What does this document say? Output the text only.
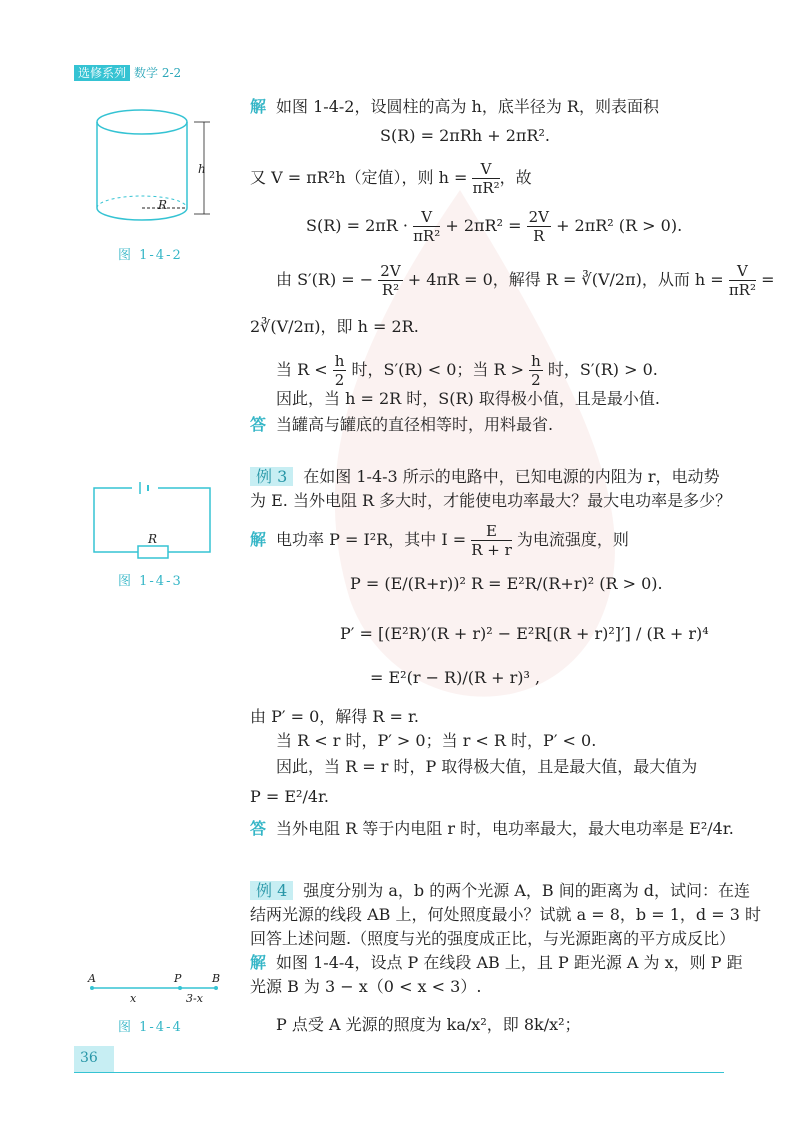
选修系列 数学 2-2
h
R
图 1-4-2
解 如图 1-4-2，设圆柱的高为 h，底半径为 R，则表面积
S(R) = 2πRh + 2πR².
又 V = πR²h（定值），则 $h = \frac{V}{\text{πR²}}$ ，故
$S(R) = 2\pi R \cdot \frac{V}{\text{πR²}} + 2\pi R^2 = \frac{2V}{R} + 2\pi R^2$ (R > 0).
由 S′(R) = − $\frac{2V}{\text{R²}} + 4\pi R = 0$，解得 R = ∛(V/2π)，从而 $h = \frac{V}{\text{πR²}}$ =
2∛(V/2π)，即 h = 2R.
当 $R < \frac{h}{2}$ 时，S′(R) < 0；当 $R > \frac{h}{2}$ 时，S′(R) > 0.
因此，当 h = 2R 时，S(R) 取得极小值，且是最小值.
答 当罐高与罐底的直径相等时，用料最省.
R
图 1-4-3
例 3 在如图 1-4-3 所示的电路中，已知电源的内阻为 r，电动势
为 E. 当外电阻 R 多大时，才能使电功率最大？最大电功率是多少？
解 电功率 P = I²R，其中 $I = \frac{E}{R + r}$ 为电流强度，则
P = (E/(R+r))² R = E²R/(R+r)² (R > 0).
P′ = [(E²R)′(R + r)² − E²R[(R + r)²]′] / (R + r)⁴
= E²(r − R)/(R + r)³ ,
由 P′ = 0，解得 R = r.
当 R < r 时，P′ > 0；当 r < R 时，P′ < 0.
因此，当 R = r 时，P 取得极大值，且是最大值，最大值为
P = E²/4r.
答 当外电阻 R 等于内电阻 r 时，电功率最大，最大电功率是 E²/4r.
例 4 强度分别为 a，b 的两个光源 A，B 间的距离为 d，试问：在连
结两光源的线段 AB 上，何处照度最小？试就 a = 8，b = 1，d = 3 时
回答上述问题.（照度与光的强度成正比，与光源距离的平方成反比）
解 如图 1-4-4，设点 P 在线段 AB 上，且 P 距光源 A 为 x，则 P 距
光源 B 为 3 − x（0 < x < 3）.
P 点受 A 光源的照度为 ka/x²，即 8k/x²；
A	P	B
x	3-x
图 1-4-4
36
